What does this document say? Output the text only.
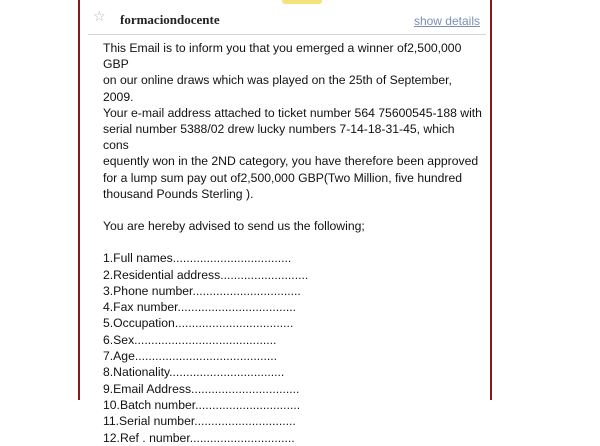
☆ formaciondocente	show details

This Email is to inform you that you emerged a winner of2,500,000 GBP
on our online draws which was played on the 25th of September, 2009.
Your e-mail address attached to ticket number 564 75600545-188 with
serial number 5388/02 drew lucky numbers 7-14-18-31-45, which cons
equently won in the 2ND category, you have therefore been approved
for a lump sum pay out of2,500,000 GBP(Two Million, five hundred
thousand Pounds Sterling ).

You are hereby advised to send us the following;

1.Full names...................................
2.Residential address..........................
3.Phone number................................
4.Fax number...................................
5.Occupation...................................
6.Sex..........................................
7.Age..........................................
8.Nationality..................................
9.Email Address................................
10.Batch number...............................
11.Serial number..............................
12.Ref . number...............................
